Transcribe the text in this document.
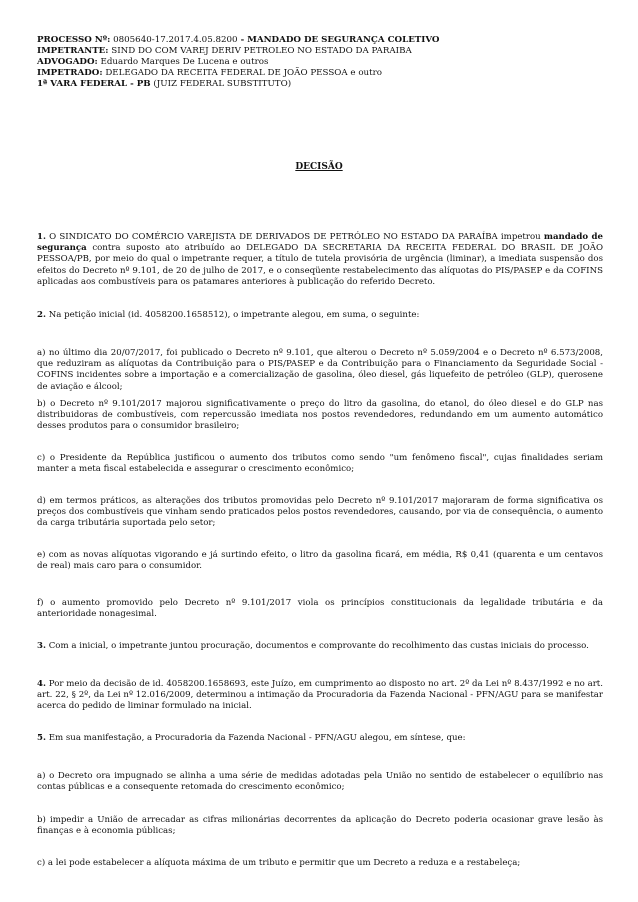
PROCESSO Nº: 0805640-17.2017.4.05.8200 - MANDADO DE SEGURANÇA COLETIVO
IMPETRANTE: SIND DO COM VAREJ DERIV PETROLEO NO ESTADO DA PARAIBA
ADVOGADO: Eduardo Marques De Lucena e outros
IMPETRADO: DELEGADO DA RECEITA FEDERAL DE JOÃO PESSOA e outro
1ª VARA FEDERAL - PB (JUIZ FEDERAL SUBSTITUTO)
DECISÃO
1. O SINDICATO DO COMÉRCIO VAREJISTA DE DERIVADOS DE PETRÓLEO NO ESTADO DA PARAÍBA impetrou mandado de segurança contra suposto ato atribuído ao DELEGADO DA SECRETARIA DA RECEITA FEDERAL DO BRASIL DE JOÃO PESSOA/PB, por meio do qual o impetrante requer, a título de tutela provisória de urgência (liminar), a imediata suspensão dos efeitos do Decreto nº 9.101, de 20 de julho de 2017, e o conseqüente restabelecimento das alíquotas do PIS/PASEP e da COFINS aplicadas aos combustíveis para os patamares anteriores à publicação do referido Decreto.
2. Na petição inicial (id. 4058200.1658512), o impetrante alegou, em suma, o seguinte:
a) no último dia 20/07/2017, foi publicado o Decreto nº 9.101, que alterou o Decreto nº 5.059/2004 e o Decreto nº 6.573/2008, que reduziram as alíquotas da Contribuição para o PIS/PASEP e da Contribuição para o Financiamento da Seguridade Social - COFINS incidentes sobre a importação e a comercialização de gasolina, óleo diesel, gás liquefeito de petróleo (GLP), querosene de aviação e álcool;
b) o Decreto nº 9.101/2017 majorou significativamente o preço do litro da gasolina, do etanol, do óleo diesel e do GLP nas distribuidoras de combustíveis, com repercussão imediata nos postos revendedores, redundando em um aumento automático desses produtos para o consumidor brasileiro;
c) o Presidente da República justificou o aumento dos tributos como sendo "um fenômeno fiscal", cujas finalidades seriam manter a meta fiscal estabelecida e assegurar o crescimento econômico;
d) em termos práticos, as alterações dos tributos promovidas pelo Decreto nº 9.101/2017 majoraram de forma significativa os preços dos combustíveis que vinham sendo praticados pelos postos revendedores, causando, por via de consequência, o aumento da carga tributária suportada pelo setor;
e) com as novas alíquotas vigorando e já surtindo efeito, o litro da gasolina ficará, em média, R$ 0,41 (quarenta e um centavos de real) mais caro para o consumidor.
f) o aumento promovido pelo Decreto nº 9.101/2017 viola os princípios constitucionais da legalidade tributária e da anterioridade nonagesimal.
3. Com a inicial, o impetrante juntou procuração, documentos e comprovante do recolhimento das custas iniciais do processo.
4. Por meio da decisão de id. 4058200.1658693, este Juízo, em cumprimento ao disposto no art. 2º da Lei nº 8.437/1992 e no art. art. 22, § 2º, da Lei nº 12.016/2009, determinou a intimação da Procuradoria da Fazenda Nacional - PFN/AGU para se manifestar acerca do pedido de liminar formulado na inicial.
5. Em sua manifestação, a Procuradoria da Fazenda Nacional - PFN/AGU alegou, em síntese, que:
a) o Decreto ora impugnado se alinha a uma série de medidas adotadas pela União no sentido de estabelecer o equilíbrio nas contas públicas e a consequente retomada do crescimento econômico;
b) impedir a União de arrecadar as cifras milionárias decorrentes da aplicação do Decreto poderia ocasionar grave lesão às finanças e à economia públicas;
c) a lei pode estabelecer a alíquota máxima de um tributo e permitir que um Decreto a reduza e a restabeleça;
